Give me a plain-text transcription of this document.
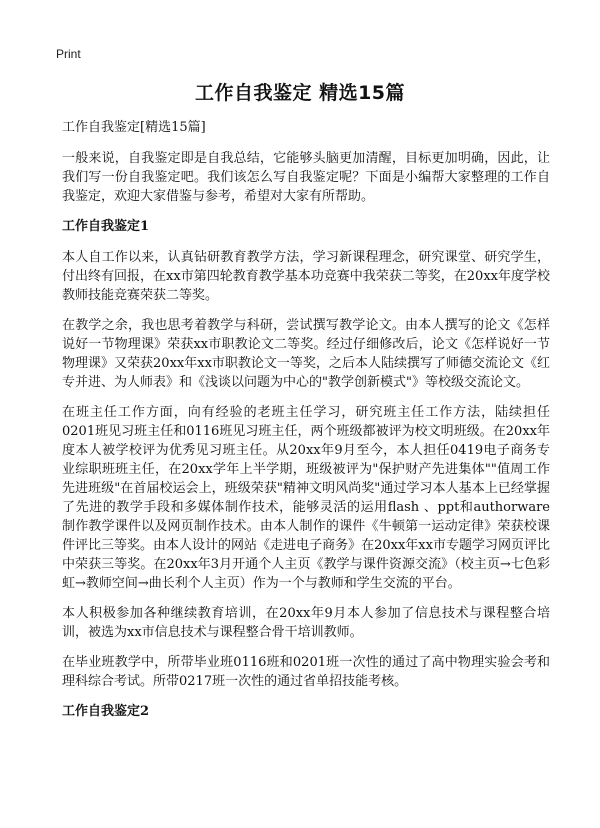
Print
工作自我鉴定 精选15篇
工作自我鉴定[精选15篇]

一般来说，自我鉴定即是自我总结，它能够头脑更加清醒，目标更加明确，因此，让我们写一份自我鉴定吧。我们该怎么写自我鉴定呢？下面是小编帮大家整理的工作自我鉴定，欢迎大家借鉴与参考，希望对大家有所帮助。

工作自我鉴定1

本人自工作以来，认真钻研教育教学方法，学习新课程理念，研究课堂、研究学生，付出终有回报，在xx市第四轮教育教学基本功竞赛中我荣获二等奖，在20xx年度学校教师技能竞赛荣获二等奖。

在教学之余，我也思考着教学与科研，尝试撰写教学论文。由本人撰写的论文《怎样说好一节物理课》荣获xx市职教论文二等奖。经过仔细修改后，论文《怎样说好一节物理课》又荣获20xx年xx市职教论文一等奖，之后本人陆续撰写了师德交流论文《红专并进、为人师表》和《浅谈以问题为中心的"教学创新模式"》等校级交流论文。

在班主任工作方面，向有经验的老班主任学习，研究班主任工作方法，陆续担任0201班见习班主任和0116班见习班主任，两个班级都被评为校文明班级。在20xx年度本人被学校评为优秀见习班主任。从20xx年9月至今，本人担任0419电子商务专业综职班班主任，在20xx学年上半学期，班级被评为"保护财产先进集体""值周工作先进班级"在首届校运会上，班级荣获"精神文明风尚奖"通过学习本人基本上已经掌握了先进的教学手段和多媒体制作技术，能够灵活的运用flash 、ppt和authorware 制作教学课件以及网页制作技术。由本人制作的课件《牛顿第一运动定律》荣获校课件评比三等奖。由本人设计的网站《走进电子商务》在20xx年xx市专题学习网页评比中荣获三等奖。在20xx年3月开通个人主页《教学与课件资源交流》（校主页→七色彩虹→教师空间→曲长利个人主页）作为一个与教师和学生交流的平台。

本人积极参加各种继续教育培训，在20xx年9月本人参加了信息技术与课程整合培训，被选为xx市信息技术与课程整合骨干培训教师。

在毕业班教学中，所带毕业班0116班和0201班一次性的通过了高中物理实验会考和理科综合考试。所带0217班一次性的通过省单招技能考核。

工作自我鉴定2
